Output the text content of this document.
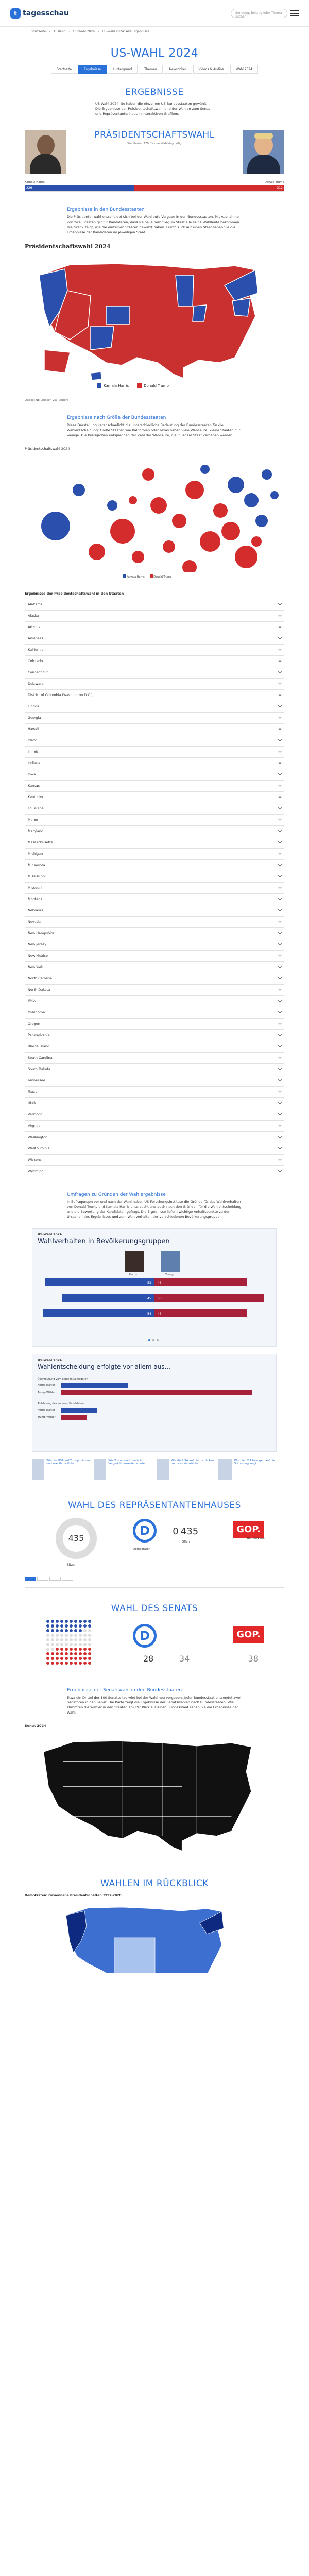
t tagesschau	Sendung, Beitrag oder Thema suchen
Startseite › Ausland › US-Wahl 2024 › US-Wahl 2024: Alle Ergebnisse
US-WAHL 2024
Startseite	Ergebnisse	Hintergrund	Themen	Newsticker	Videos & Audios	Wahl 2024
ERGEBNISSE

US-Wahl 2024: So haben die einzelnen US-Bundesstaaten gewählt. Die Ergebnisse der Präsidentschaftswahl und der Wahlen zum Senat und Repräsentantenhaus in interaktiven Grafiken.

PRÄSIDENTSCHAFTSWAHL
Wahlleute: 270 für den Wahlsieg nötig
Kamala Harris	Donald Trump
226	312
Ergebnisse in den Bundesstaaten

Die Präsidentenwahl entscheidet sich bei der Wahlleute-Vergabe in den Bundesstaaten. Mit Ausnahme von zwei Staaten gilt für Kandidaten, dass sie bei einem Sieg im Staat alle seine Wahlleute bekommen. Die Grafik zeigt, wie die einzelnen Staaten gewählt haben. Durch Klick auf einen Staat sehen Sie die Ergebnisse der Kandidaten im jeweiligen Staat.

Präsidentschaftswahl 2024
Kamala Harris	Donald Trump
Quelle: NEP/Edison via Reuters
Ergebnisse nach Größe der Bundesstaaten

Diese Darstellung veranschaulicht die unterschiedliche Bedeutung der Bundesstaaten für die Wahlentscheidung: Große Staaten wie Kalifornien oder Texas haben viele Wahlleute, kleine Staaten nur wenige. Die Kreisgrößen entsprechen der Zahl der Wahlleute, die in jedem Staat vergeben werden.

Präsidentschaftswahl 2024
Kamala Harris	Donald Trump
Ergebnisse der Präsidentschaftswahl in den Staaten
Alabama
Alaska
Arizona
Arkansas
Kalifornien
Colorado
Connecticut
Delaware
District of Columbia (Washington D.C.)
Florida
Georgia
Hawaii
Idaho
Illinois
Indiana
Iowa
Kansas
Kentucky
Louisiana
Maine
Maryland
Massachusetts
Michigan
Minnesota
Mississippi
Missouri
Montana
Nebraska
Nevada
New Hampshire
New Jersey
New Mexico
New York
North Carolina
North Dakota
Ohio
Oklahoma
Oregon
Pennsylvania
Rhode Island
South Carolina
South Dakota
Tennessee
Texas
Utah
Vermont
Virginia
Washington
West Virginia
Wisconsin
Wyoming
Umfragen zu Gründen der Wahlergebnisse

In Befragungen vor und nach der Wahl haben US-Forschungsinstitute die Gründe für das Wahlverhalten von Donald Trump und Kamala Harris untersucht und auch nach den Gründen für die Wahlentscheidung und die Bewertung der Kandidaten gefragt. Die Ergebnisse liefern wichtige Anhaltspunkte zu den Ursachen des Ergebnisses und zum Wahlverhalten der verschiedenen Bevölkerungsgruppen.

US-Wahl 2024
Wahlverhalten in Bevölkerungsgruppen
Harris	Trump
53 45
45 53
54 45
US-Wahl 2024
Wahlentscheidung erfolgte vor allem aus...
Überzeugung vom eigenen Kandidaten
Harris-Wähler
Trump-Wähler
Ablehnung des anderen Kandidaten
Harris-Wähler
Trump-Wähler
Wie die USA auf Trump blicken und was ihn wählte
Wie Trump und Harris im Vergleich bewertet wurden
Wie die USA auf Harris blicken und was sie wählte
Wie die USA bezogen auf die Stimmung zeigt
WAHL DES REPRÄSENTANTENHAUSES
435
Sitze
D	0 435	GOP.
Demokraten
Offen
Republikaner
WAHL DES SENATS
D
28	34
GOP.
38
Ergebnisse der Senatswahl in den Bundesstaaten

Etwa ein Drittel der 100 Senatssitze wird bei der Wahl neu vergeben. Jeder Bundesstaat entsendet zwei Senatoren in den Senat. Die Karte zeigt die Ergebnisse der Senatswahlen nach Bundesstaaten. Wie stimmten die Wähler in den Staaten ab? Per Klick auf einen Bundesstaat sehen Sie die Ergebnisse der Wahl.

Senat 2024
WAHLEN IM RÜCKBLICK
Demokraten: Gewonnene Präsidentschaften 1992-2020
